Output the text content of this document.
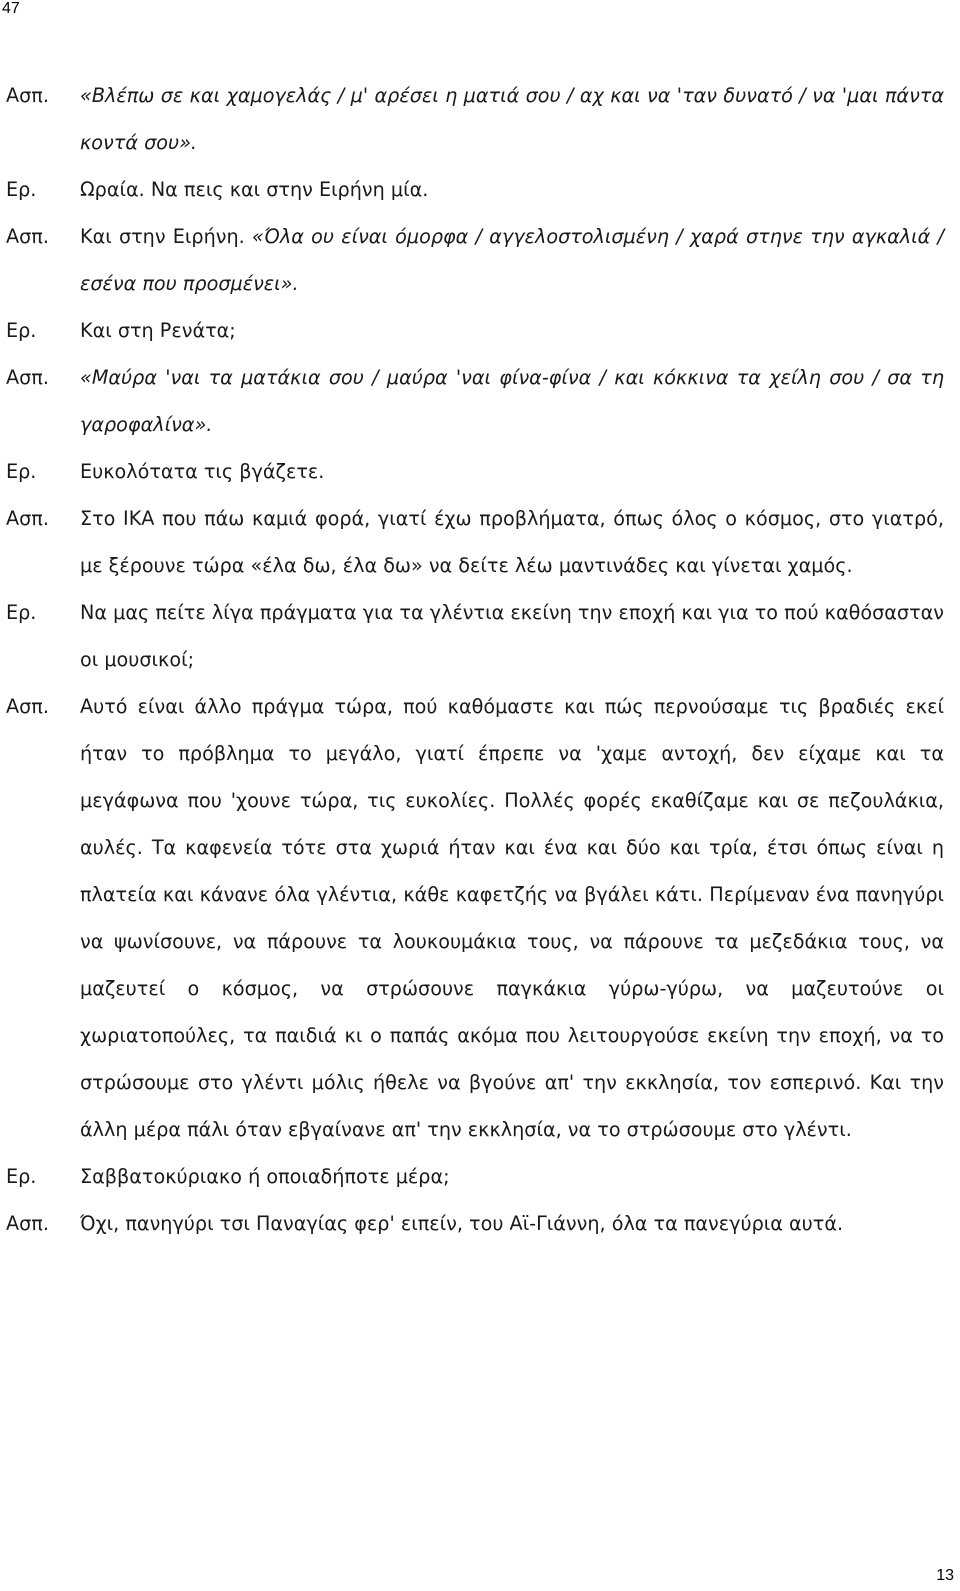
47
Ασπ.	«Βλέπω σε και χαμογελάς / μ' αρέσει η ματιά σου / αχ και να 'ταν δυνατό / να 'μαι πάντα κοντά σου».
Ερ.	Ωραία. Να πεις και στην Ειρήνη μία.
Ασπ.	Και στην Ειρήνη. «Όλα ου είναι όμορφα / αγγελοστολισμένη / χαρά στηνε την αγκαλιά / εσένα που προσμένει».
Ερ.	Και στη Ρενάτα;
Ασπ.	«Μαύρα 'ναι τα ματάκια σου / μαύρα 'ναι φίνα-φίνα / και κόκκινα τα χείλη σου / σα τη γαροφαλίνα».
Ερ.	Ευκολότατα τις βγάζετε.
Ασπ.	Στο ΙΚΑ που πάω καμιά φορά, γιατί έχω προβλήματα, όπως όλος ο κόσμος, στο γιατρό, με ξέρουνε τώρα «έλα δω, έλα δω» να δείτε λέω μαντινάδες και γίνεται χαμός.
Ερ.	Να μας πείτε λίγα πράγματα για τα γλέντια εκείνη την εποχή και για το πού καθόσασταν οι μουσικοί;
Ασπ.	Αυτό είναι άλλο πράγμα τώρα, πού καθόμαστε και πώς περνούσαμε τις βραδιές εκεί ήταν το πρόβλημα το μεγάλο, γιατί έπρεπε να 'χαμε αντοχή, δεν είχαμε και τα μεγάφωνα που 'χουνε τώρα, τις ευκολίες. Πολλές φορές εκαθίζαμε και σε πεζουλάκια, αυλές. Τα καφενεία τότε στα χωριά ήταν και ένα και δύο και τρία, έτσι όπως είναι η πλατεία και κάνανε όλα γλέντια, κάθε καφετζής να βγάλει κάτι. Περίμεναν ένα πανηγύρι να ψωνίσουνε, να πάρουνε τα λουκουμάκια τους, να πάρουνε τα μεζεδάκια τους, να μαζευτεί ο κόσμος, να στρώσουνε παγκάκια γύρω-γύρω, να μαζευτούνε οι χωριατοπούλες, τα παιδιά κι ο παπάς ακόμα που λειτουργούσε εκείνη την εποχή, να το στρώσουμε στο γλέντι μόλις ήθελε να βγούνε απ' την εκκλησία, τον εσπερινό. Και την άλλη μέρα πάλι όταν εβγαίνανε απ' την εκκλησία, να το στρώσουμε στο γλέντι.
Ερ.	Σαββατοκύριακο ή οποιαδήποτε μέρα;
Ασπ.	Όχι, πανηγύρι τσι Παναγίας φερ' ειπείν, του Αϊ-Γιάννη, όλα τα πανεγύρια αυτά.
13
